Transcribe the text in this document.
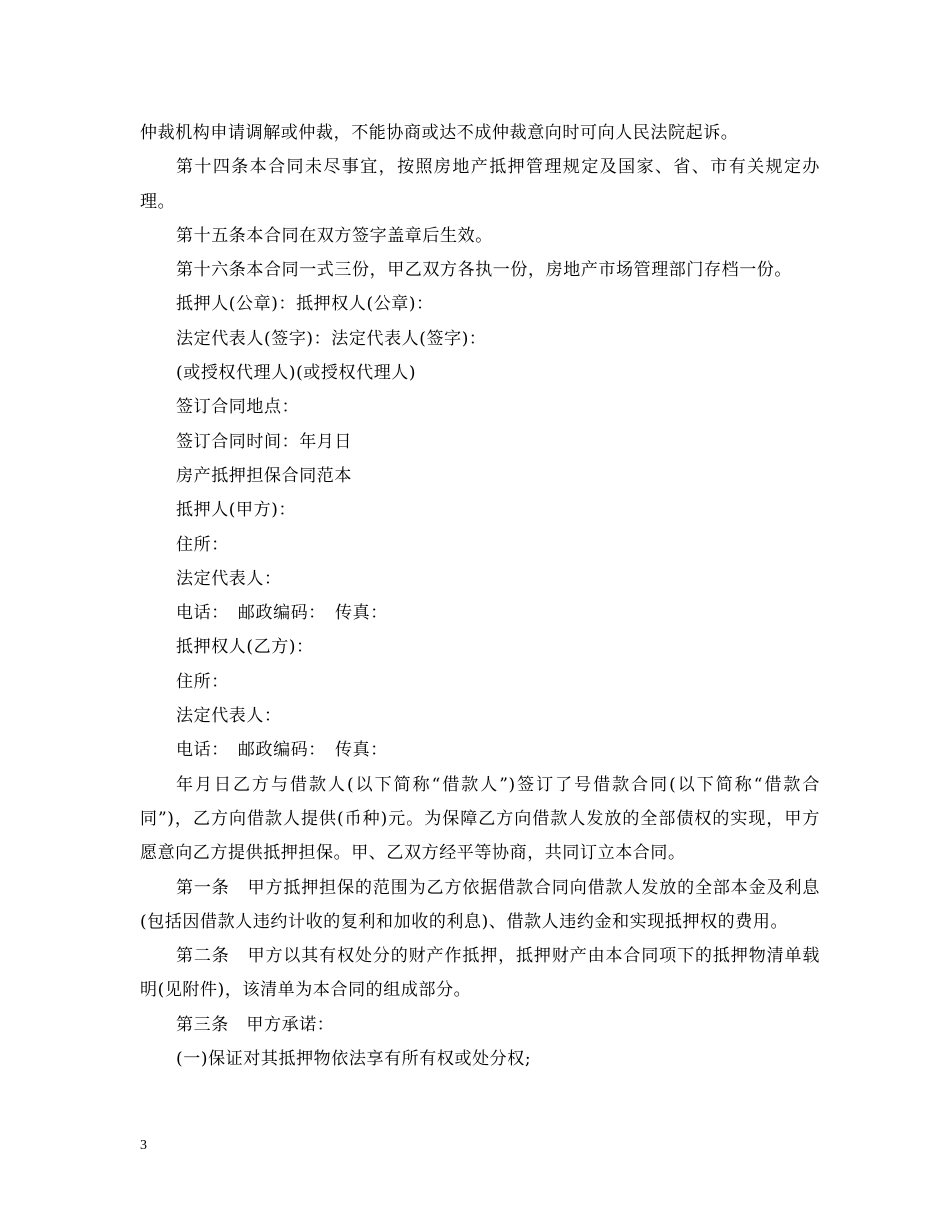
仲裁机构申请调解或仲裁，不能协商或达不成仲裁意向时可向人民法院起诉。

第十四条本合同未尽事宜，按照房地产抵押管理规定及国家、省、市有关规定办理。

第十五条本合同在双方签字盖章后生效。

第十六条本合同一式三份，甲乙双方各执一份，房地产市场管理部门存档一份。

抵押人(公章)：抵押权人(公章)：

法定代表人(签字)：法定代表人(签字)：

(或授权代理人)(或授权代理人)

签订合同地点：

签订合同时间：年月日

房产抵押担保合同范本

抵押人(甲方)：

住所：

法定代表人：

电话：　邮政编码：　传真：

抵押权人(乙方)：

住所：

法定代表人：

电话：　邮政编码：　传真：

年月日乙方与借款人(以下简称“借款人”)签订了号借款合同(以下简称“借款合同”)，乙方向借款人提供(币种)元。为保障乙方向借款人发放的全部债权的实现，甲方愿意向乙方提供抵押担保。甲、乙双方经平等协商，共同订立本合同。

第一条　甲方抵押担保的范围为乙方依据借款合同向借款人发放的全部本金及利息(包括因借款人违约计收的复利和加收的利息)、借款人违约金和实现抵押权的费用。

第二条　甲方以其有权处分的财产作抵押，抵押财产由本合同项下的抵押物清单载明(见附件)，该清单为本合同的组成部分。

第三条　甲方承诺：

(一)保证对其抵押物依法享有所有权或处分权;

3
